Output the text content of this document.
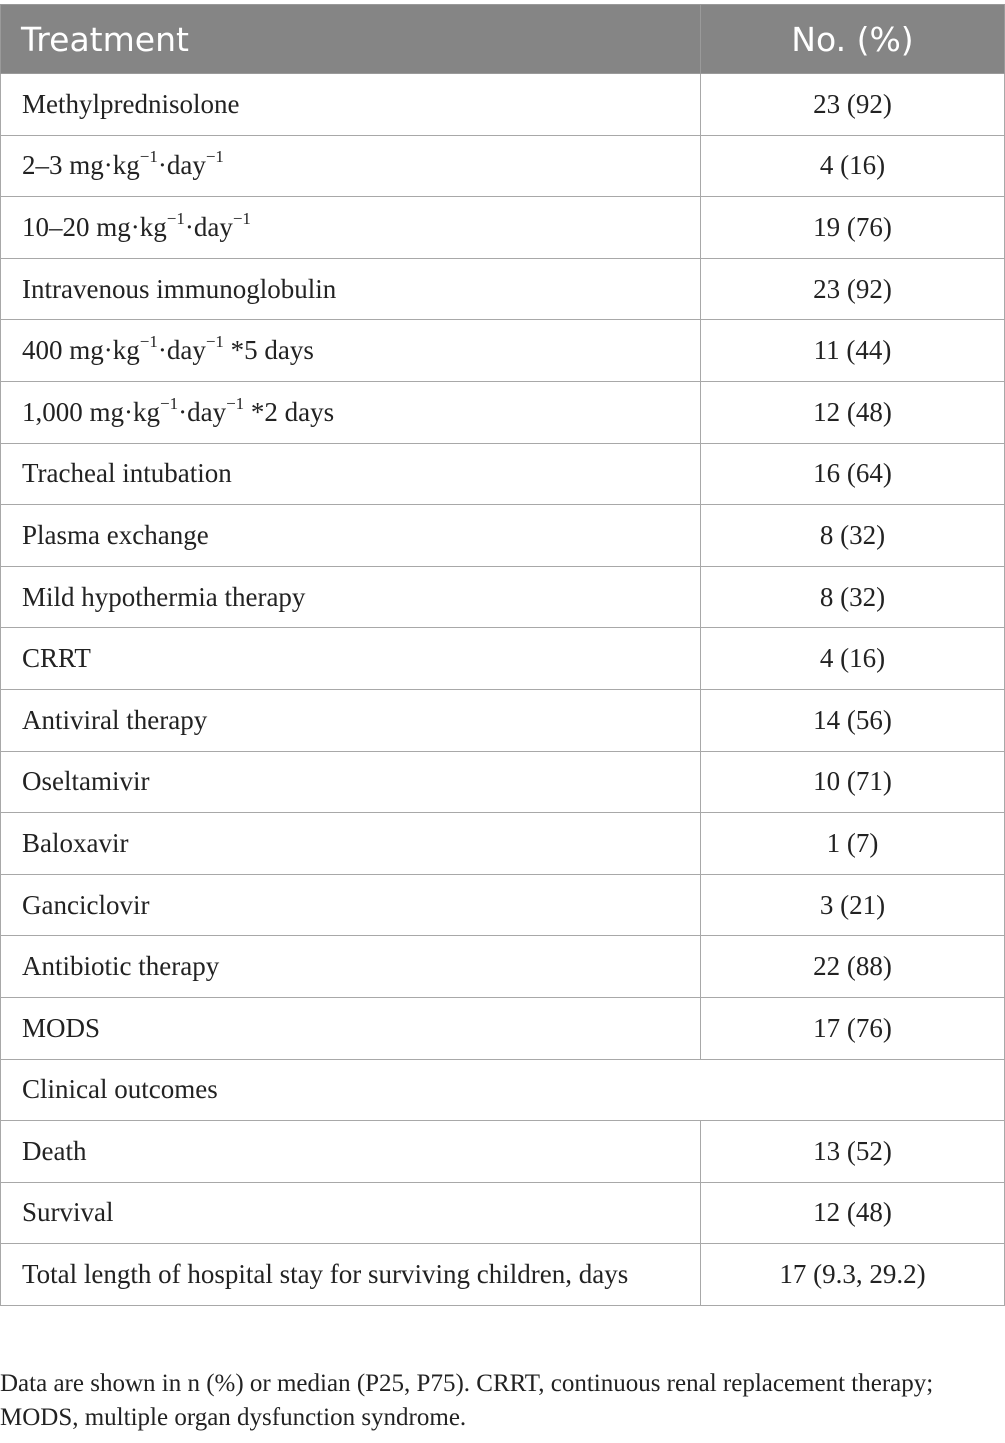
Treatment	No. (%)
Methylprednisolone	23 (92)
2–3 $mg\cdot kg^{-1}\cdot day^{-1}$	4 (16)
10–20 $mg\cdot kg^{-1}\cdot day^{-1}$	19 (76)
Intravenous immunoglobulin	23 (92)
400 $mg\cdot kg^{-1}\cdot day^{-1}$ *5 days	11 (44)
1,000 $mg\cdot kg^{-1}\cdot day^{-1}$ *2 days	12 (48)
Tracheal intubation	16 (64)
Plasma exchange	8 (32)
Mild hypothermia therapy	8 (32)
CRRT	4 (16)
Antiviral therapy	14 (56)
Oseltamivir	10 (71)
Baloxavir	1 (7)
Ganciclovir	3 (21)
Antibiotic therapy	22 (88)
MODS	17 (76)
Clinical outcomes	
Death	13 (52)
Survival	12 (48)
Total length of hospital stay for surviving children, days	17 (9.3, 29.2)
Data are shown in n (%) or median (P25, P75). CRRT, continuous renal replacement therapy; MODS, multiple organ dysfunction syndrome.
